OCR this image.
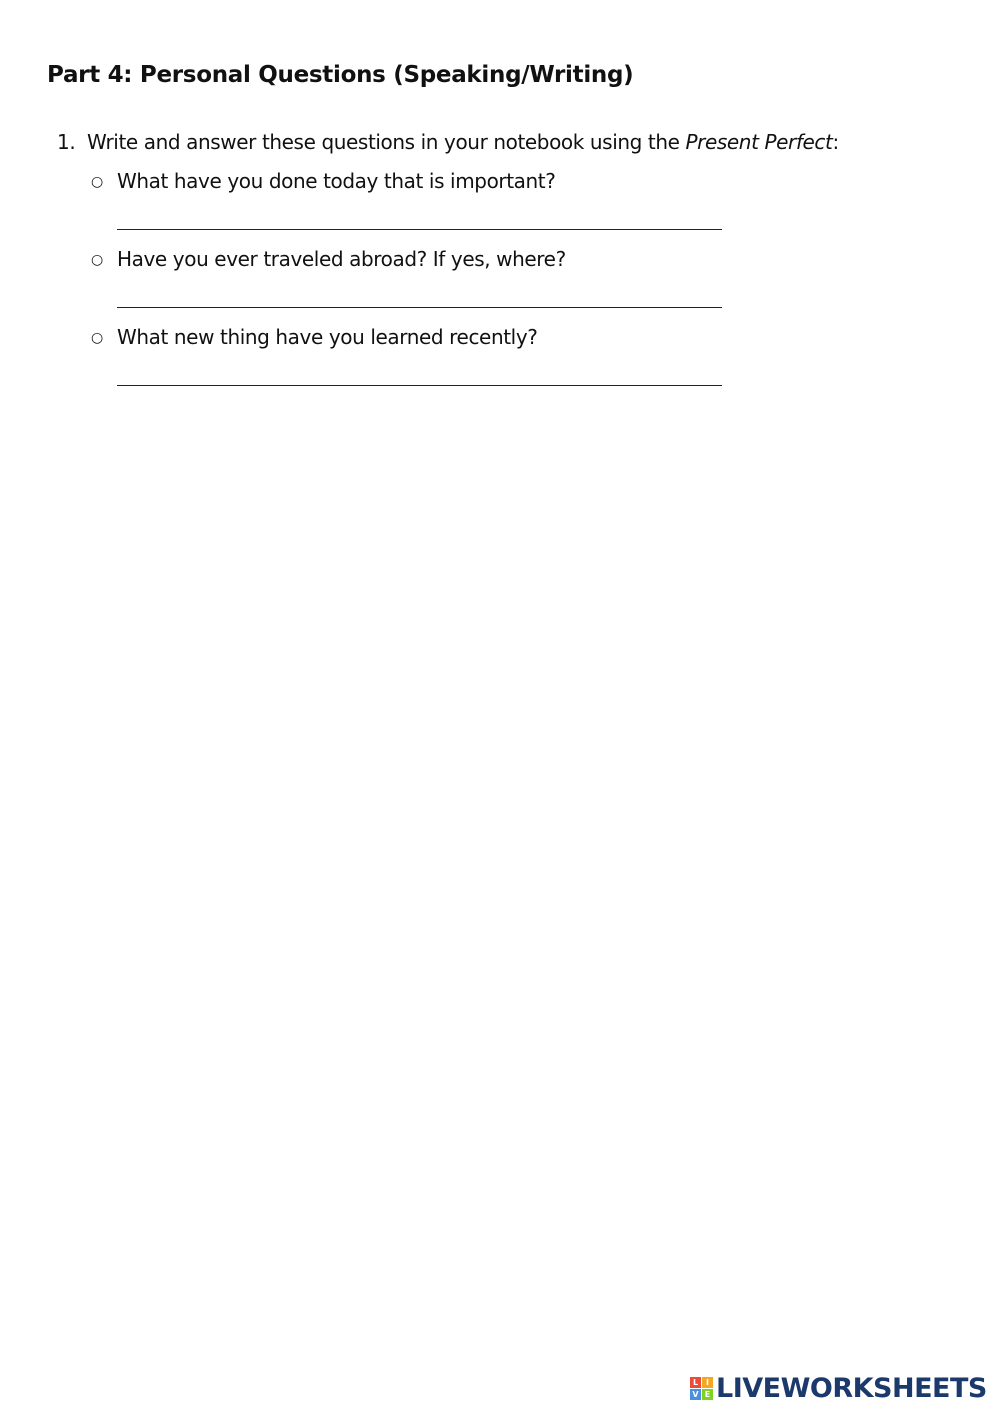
Part 4: Personal Questions (Speaking/Writing)
1. Write and answer these questions in your notebook using the Present Perfect:
○ What have you done today that is important?
○ Have you ever traveled abroad? If yes, where?
○ What new thing have you learned recently?
L I
V E LIVEWORKSHEETS
